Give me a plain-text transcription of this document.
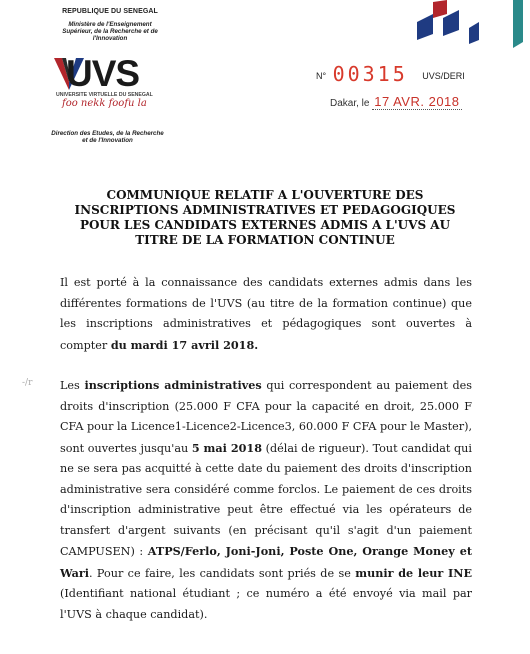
REPUBLIQUE DU SENEGAL
Ministère de l'Enseignement
Supérieur, de la Recherche et de
l'Innovation
UVS
UNIVERSITE VIRTUELLE DU SENEGAL
foo nekk foofu la
Direction des Etudes, de la Recherche
et de l'Innovation
N° 00315 UVS/DERI
Dakar, le 17 AVR. 2018
COMMUNIQUE RELATIF A L'OUVERTURE DES INSCRIPTIONS ADMINISTRATIVES ET PEDAGOGIQUES POUR LES CANDIDATS EXTERNES ADMIS A L'UVS AU TITRE DE LA FORMATION CONTINUE
Il est porté à la connaissance des candidats externes admis dans les différentes formations de l'UVS (au titre de la formation continue) que les inscriptions administratives et pédagogiques sont ouvertes à compter du mardi 17 avril 2018.
-/r Les inscriptions administratives qui correspondent au paiement des droits d'inscription (25.000 F CFA pour la capacité en droit, 25.000 F CFA pour la Licence1-Licence2-Licence3, 60.000 F CFA pour le Master), sont ouvertes jusqu'au 5 mai 2018 (délai de rigueur). Tout candidat qui ne se sera pas acquitté à cette date du paiement des droits d'inscription administrative sera considéré comme forclos. Le paiement de ces droits d'inscription administrative peut être effectué via les opérateurs de transfert d'argent suivants (en précisant qu'il s'agit d'un paiement CAMPUSEN) : ATPS/Ferlo, Joni-Joni, Poste One, Orange Money et Wari. Pour ce faire, les candidats sont priés de se munir de leur INE (Identifiant national étudiant ; ce numéro a été envoyé via mail par l'UVS à chaque candidat).
